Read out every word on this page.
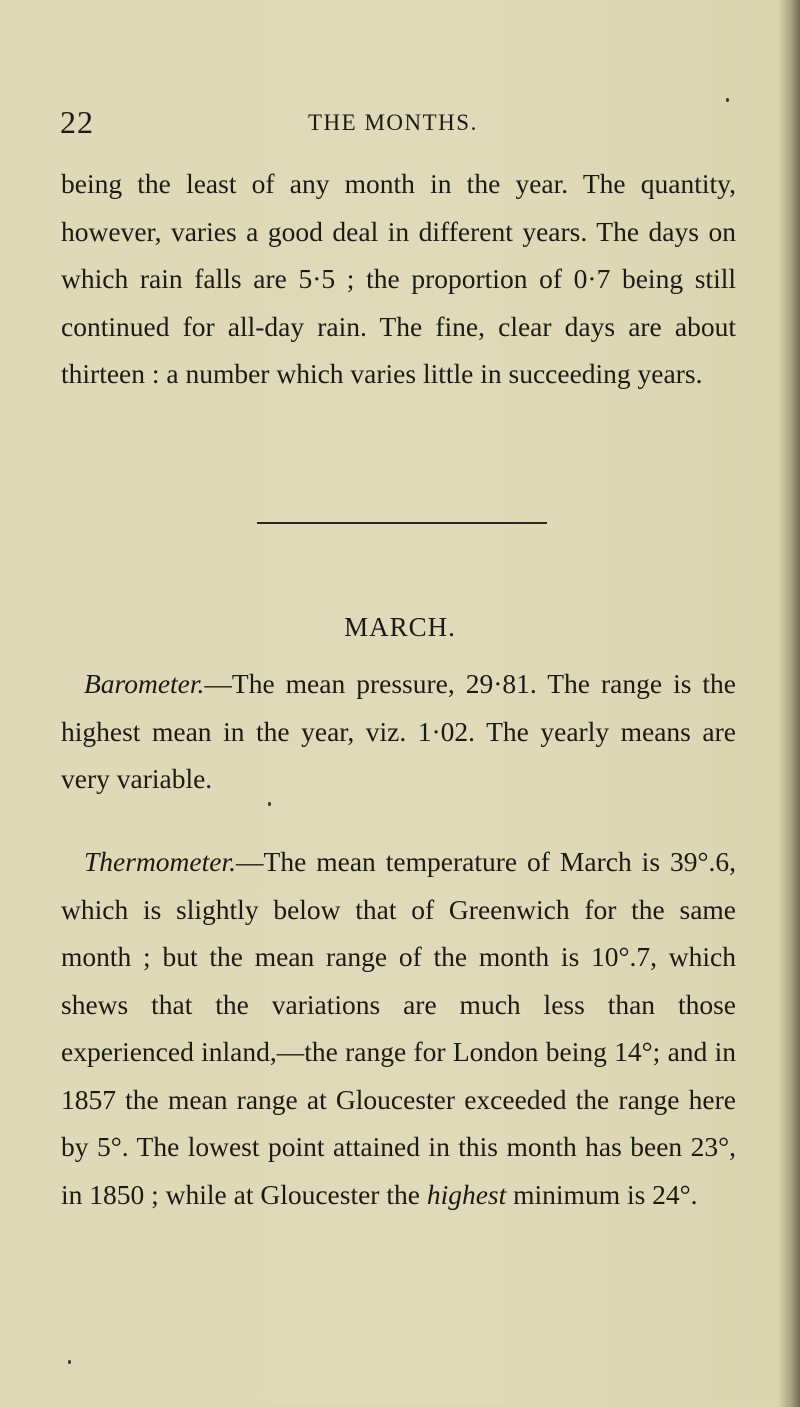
22	THE MONTHS.

being the least of any month in the year. The quantity, however, varies a good deal in different years. The days on which rain falls are 5·5 ; the proportion of 0·7 being still continued for all-day rain. The fine, clear days are about thirteen : a number which varies little in succeeding years.

MARCH.

Barometer.—The mean pressure, 29·81. The range is the highest mean in the year, viz. 1·02. The yearly means are very variable.

Thermometer.—The mean temperature of March is 39°.6, which is slightly below that of Greenwich for the same month ; but the mean range of the month is 10°.7, which shews that the variations are much less than those experienced inland,—the range for London being 14°; and in 1857 the mean range at Gloucester exceeded the range here by 5°. The lowest point attained in this month has been 23°, in 1850 ; while at Gloucester the highest minimum is 24°.
